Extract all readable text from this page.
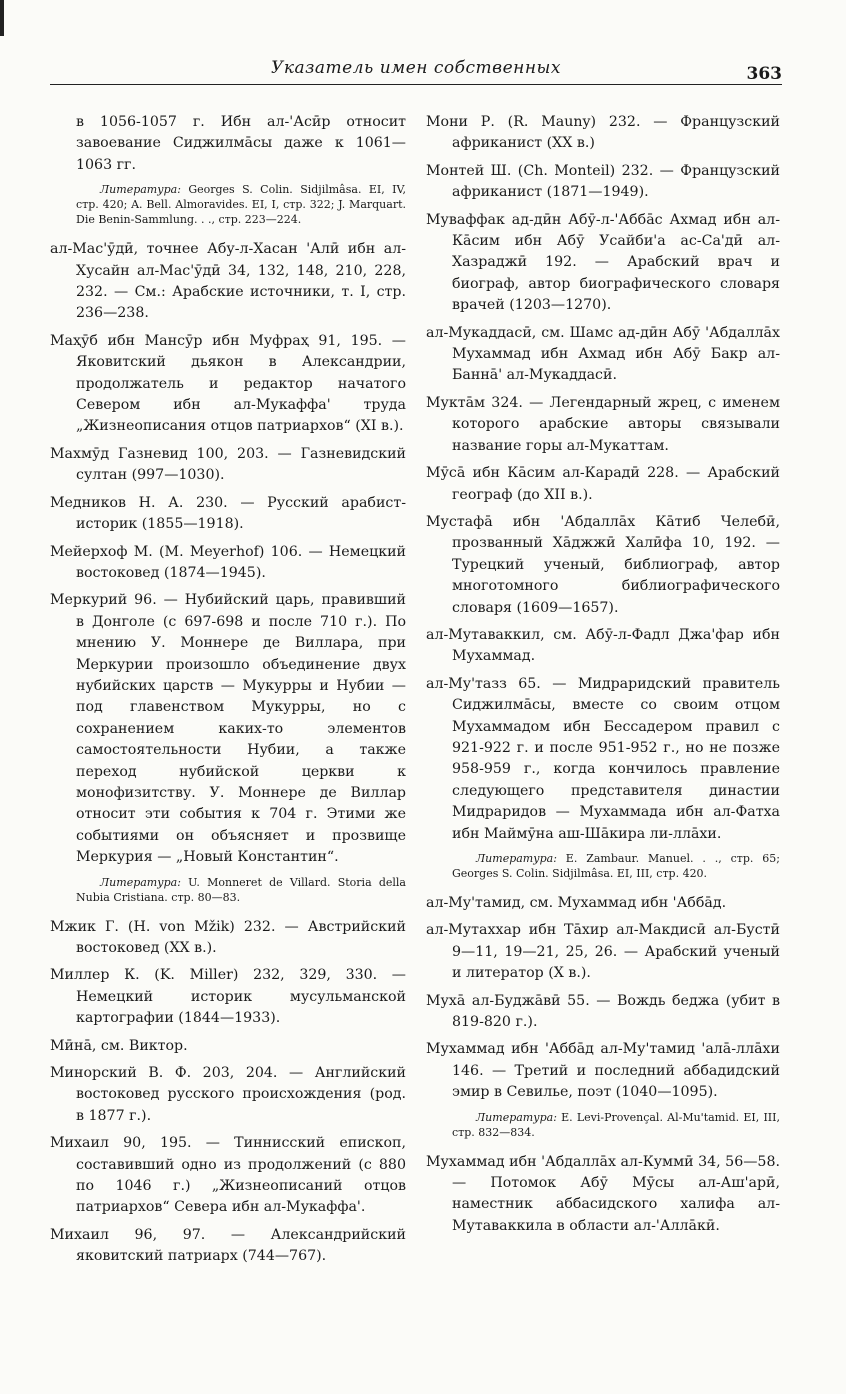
Указатель имен собственных	363
в 1056-1057 г. Ибн ал-'Асӣр относит завоевание Сиджилмāсы даже к 1061—1063 гг.
Литература: Georges S. Colin. Sidjilmâsa. EI, IV, стр. 420; A. Bell. Almoravides. EI, I, стр. 322; J. Marquart. Die Benin-Sammlung. . ., стр. 223—224.
ал-Мас'ӯдӣ, точнее Абу-л-Хасан 'Алӣ ибн ал-Хусайн ал-Мас'ӯдӣ 34, 132, 148, 210, 228, 232. — См.: Арабские источники, т. I, стр. 236—238.
Маҳӯб ибн Мансӯр ибн Муфраҳ 91, 195. — Яковитский дьякон в Александрии, продолжатель и редактор начатого Севером ибн ал-Мукаффа' труда „Жизнеописания отцов патриархов“ (XI в.).
Махмӯд Газневид 100, 203. — Газневидский султан (997—1030).
Медников Н. А. 230. — Русский арабист-историк (1855—1918).
Мейерхоф М. (M. Meyerhof) 106. — Немецкий востоковед (1874—1945).
Меркурий 96. — Нубийский царь, правивший в Донголе (с 697-698 и после 710 г.). По мнению У. Моннере де Виллара, при Меркурии произошло объединение двух нубийских царств — Мукурры и Нубии — под главенством Мукурры, но с сохранением каких-то элементов самостоятельности Нубии, а также переход нубийской церкви к монофизитству. У. Моннере де Виллар относит эти события к 704 г. Этими же событиями он объясняет и прозвище Меркурия — „Новый Константин“.
Литература: U. Monneret de Villard. Storia della Nubia Cristiana. стр. 80—83.
Мжик Г. (H. von Mžik) 232. — Австрийский востоковед (XX в.).
Миллер К. (K. Miller) 232, 329, 330. — Немецкий историк мусульманской картографии (1844—1933).
Мӣнā, см. Виктор.
Минорский В. Ф. 203, 204. — Английский востоковед русского происхождения (род. в 1877 г.).
Михаил 90, 195. — Тиннисский епископ, составивший одно из продолжений (с 880 по 1046 г.) „Жизнеописаний отцов патриархов“ Севера ибн ал-Мукаффа'.
Михаил 96, 97. — Александрийский яковитский патриарх (744—767).
Мони Р. (R. Mauny) 232. — Французский африканист (XX в.)
Монтей Ш. (Ch. Monteil) 232. — Французский африканист (1871—1949).
Муваффак ад-дӣн Абӯ-л-'Аббāс Ахмад ибн ал-Кāсим ибн Абӯ Усайби'а ас-Са'дӣ ал-Хазраджӣ 192. — Арабский врач и биограф, автор биографического словаря врачей (1203—1270).
ал-Мукаддасӣ, см. Шамс ад-дӣн Абӯ 'Абдаллāх Мухаммад ибн Ахмад ибн Абӯ Бакр ал-Баннā' ал-Мукаддасӣ.
Муктāм 324. — Легендарный жрец, с именем которого арабские авторы связывали название горы ал-Мукаттам.
Мӯсā ибн Кāсим ал-Карадӣ 228. — Арабский географ (до XII в.).
Мустафā ибн 'Абдаллāх Кāтиб Челебӣ, прозванный Хāджжӣ Халӣфа 10, 192. — Турецкий ученый, библиограф, автор многотомного библиографического словаря (1609—1657).
ал-Мутаваккил, см. Абӯ-л-Фадл Джа'фар ибн Мухаммад.
ал-Му'тазз 65. — Мидраридский правитель Сиджилмāсы, вместе со своим отцом Мухаммадом ибн Бессадером правил с 921-922 г. и после 951-952 г., но не позже 958-959 г., когда кончилось правление следующего представителя династии Мидраридов — Мухаммада ибн ал-Фатха ибн Маймӯна аш-Шāкира ли-ллāхи.
Литература: E. Zambaur. Manuel. . ., стр. 65; Georges S. Colin. Sidjilmâsa. EI, III, стр. 420.
ал-Му'тамид, см. Мухаммад ибн 'Аббāд.
ал-Мутаххар ибн Тāхир ал-Макдисӣ ал-Бустӣ 9—11, 19—21, 25, 26. — Арабский ученый и литератор (X в.).
Мухā ал-Буджāвӣ 55. — Вождь беджа (убит в 819-820 г.).
Мухаммад ибн 'Аббāд ал-Му'тамид 'алā-ллāхи 146. — Третий и последний аббадидский эмир в Севилье, поэт (1040—1095).
Литература: E. Levi-Provençal. Al-Mu'tamid. EI, III, стр. 832—834.
Мухаммад ибн 'Абдаллāх ал-Куммӣ 34, 56—58. — Потомок Абӯ Мӯсы ал-Аш'арӣ, наместник аббасидского халифа ал-Мутаваккила в области ал-'Аллāкӣ.
